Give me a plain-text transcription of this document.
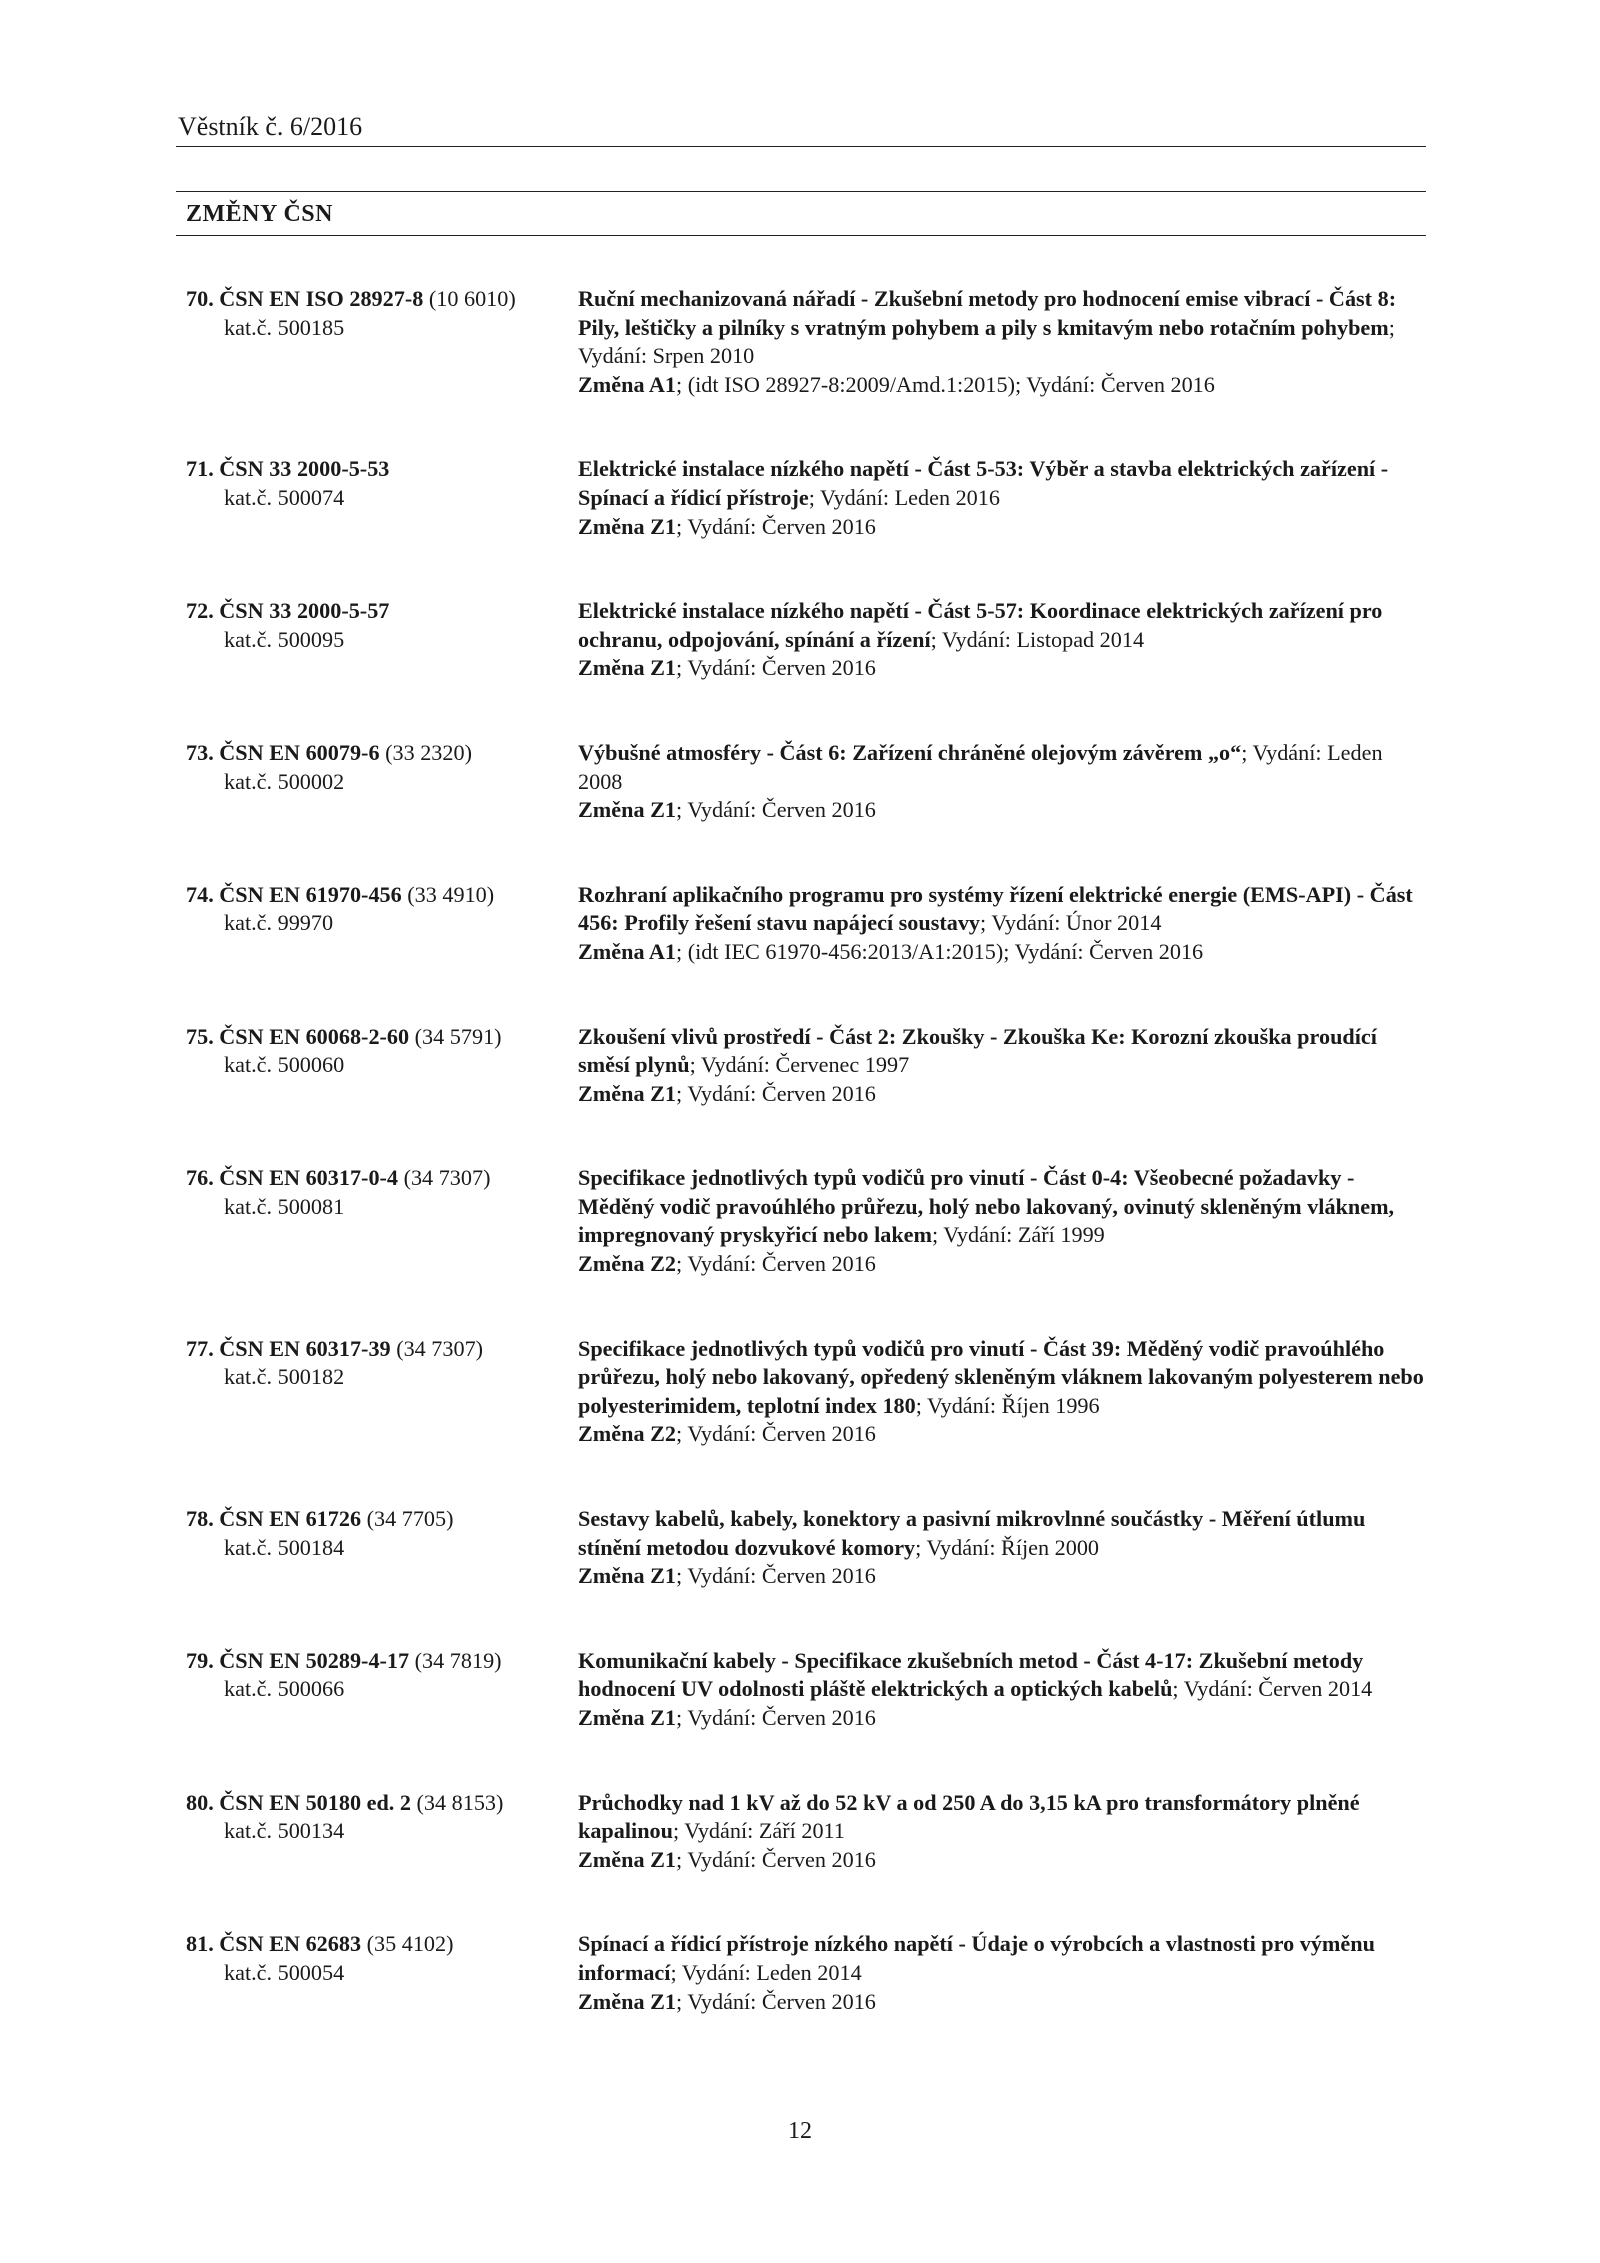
Věstník č. 6/2016
ZMĚNY ČSN
70. ČSN EN ISO 28927-8 (10 6010)
kat.č. 500185
Ruční mechanizovaná nářadí - Zkušební metody pro hodnocení emise vibrací - Část 8: Pily, leštičky a pilníky s vratným pohybem a pily s kmitavým nebo rotačním pohybem; Vydání: Srpen 2010
Změna A1; (idt ISO 28927-8:2009/Amd.1:2015); Vydání: Červen 2016
71. ČSN 33 2000-5-53
kat.č. 500074
Elektrické instalace nízkého napětí - Část 5-53: Výběr a stavba elektrických zařízení - Spínací a řídicí přístroje; Vydání: Leden 2016
Změna Z1; Vydání: Červen 2016
72. ČSN 33 2000-5-57
kat.č. 500095
Elektrické instalace nízkého napětí - Část 5-57: Koordinace elektrických zařízení pro ochranu, odpojování, spínání a řízení; Vydání: Listopad 2014
Změna Z1; Vydání: Červen 2016
73. ČSN EN 60079-6 (33 2320)
kat.č. 500002
Výbušné atmosféry - Část 6: Zařízení chráněné olejovým závěrem „o“; Vydání: Leden 2008
Změna Z1; Vydání: Červen 2016
74. ČSN EN 61970-456 (33 4910)
kat.č. 99970
Rozhraní aplikačního programu pro systémy řízení elektrické energie (EMS-API) - Část 456: Profily řešení stavu napájecí soustavy; Vydání: Únor 2014
Změna A1; (idt IEC 61970-456:2013/A1:2015); Vydání: Červen 2016
75. ČSN EN 60068-2-60 (34 5791)
kat.č. 500060
Zkoušení vlivů prostředí - Část 2: Zkoušky - Zkouška Ke: Korozní zkouška proudící směsí plynů; Vydání: Červenec 1997
Změna Z1; Vydání: Červen 2016
76. ČSN EN 60317-0-4 (34 7307)
kat.č. 500081
Specifikace jednotlivých typů vodičů pro vinutí - Část 0-4: Všeobecné požadavky - Měděný vodič pravoúhlého průřezu, holý nebo lakovaný, ovinutý skleněným vláknem, impregnovaný pryskyřicí nebo lakem; Vydání: Září 1999
Změna Z2; Vydání: Červen 2016
77. ČSN EN 60317-39 (34 7307)
kat.č. 500182
Specifikace jednotlivých typů vodičů pro vinutí - Část 39: Měděný vodič pravoúhlého průřezu, holý nebo lakovaný, opředený skleněným vláknem lakovaným polyesterem nebo polyesterimidem, teplotní index 180; Vydání: Říjen 1996
Změna Z2; Vydání: Červen 2016
78. ČSN EN 61726 (34 7705)
kat.č. 500184
Sestavy kabelů, kabely, konektory a pasivní mikrovlnné součástky - Měření útlumu stínění metodou dozvukové komory; Vydání: Říjen 2000
Změna Z1; Vydání: Červen 2016
79. ČSN EN 50289-4-17 (34 7819)
kat.č. 500066
Komunikační kabely - Specifikace zkušebních metod - Část 4-17: Zkušební metody hodnocení UV odolnosti pláště elektrických a optických kabelů; Vydání: Červen 2014
Změna Z1; Vydání: Červen 2016
80. ČSN EN 50180 ed. 2 (34 8153)
kat.č. 500134
Průchodky nad 1 kV až do 52 kV a od 250 A do 3,15 kA pro transformátory plněné kapalinou; Vydání: Září 2011
Změna Z1; Vydání: Červen 2016
81. ČSN EN 62683 (35 4102)
kat.č. 500054
Spínací a řídicí přístroje nízkého napětí - Údaje o výrobcích a vlastnosti pro výměnu informací; Vydání: Leden 2014
Změna Z1; Vydání: Červen 2016
12
